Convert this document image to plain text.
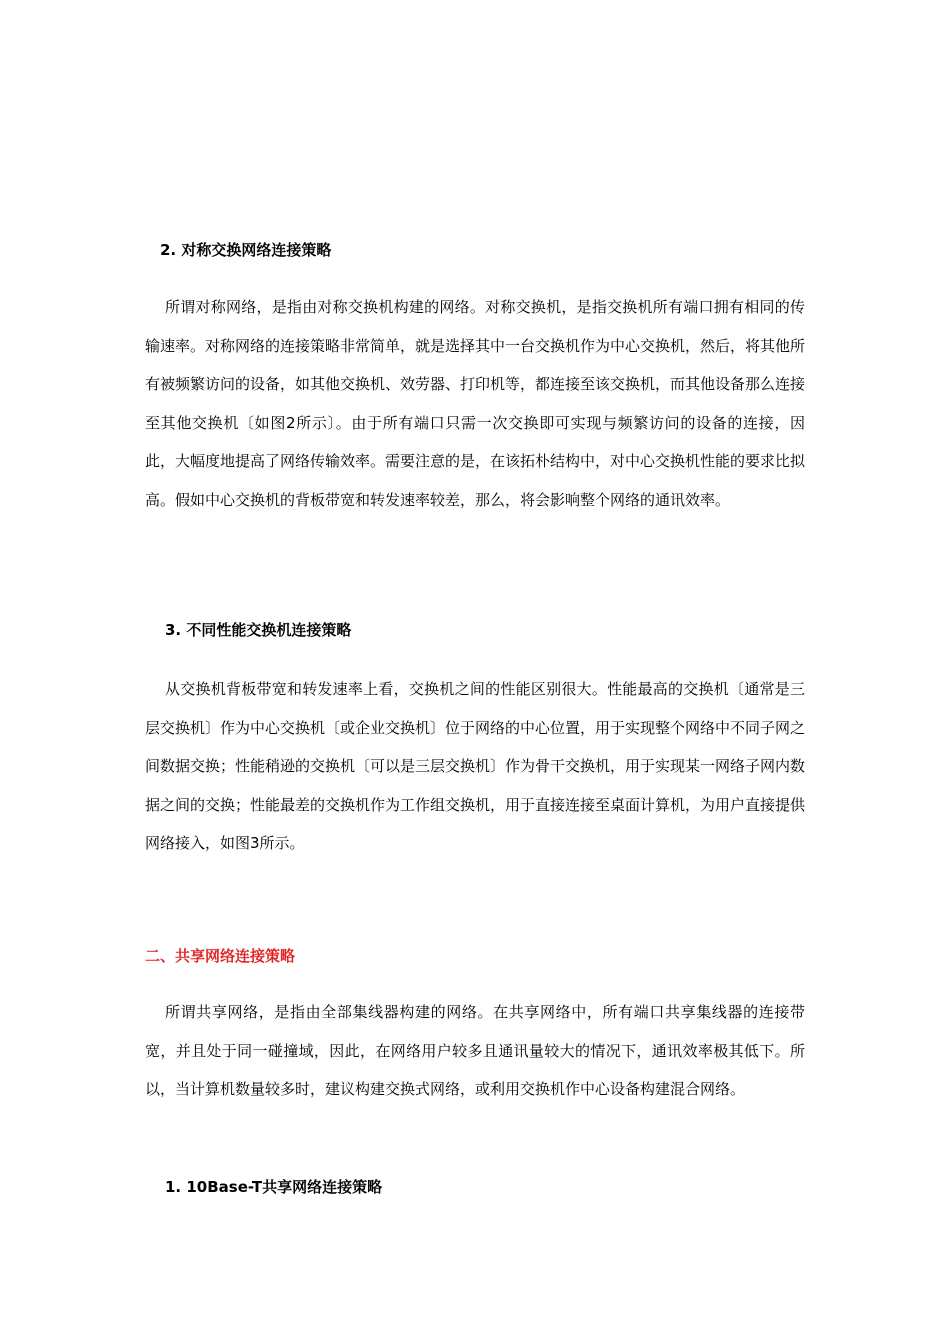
2. 对称交换网络连接策略

所谓对称网络，是指由对称交换机构建的网络。对称交换机，是指交换机所有端口拥有相同的传输速率。对称网络的连接策略非常简单，就是选择其中一台交换机作为中心交换机，然后，将其他所有被频繁访问的设备，如其他交换机、效劳器、打印机等，都连接至该交换机，而其他设备那么连接至其他交换机〔如图2所示〕。由于所有端口只需一次交换即可实现与频繁访问的设备的连接，因此，大幅度地提高了网络传输效率。需要注意的是，在该拓朴结构中，对中心交换机性能的要求比拟高。假如中心交换机的背板带宽和转发速率较差，那么，将会影响整个网络的通讯效率。

3. 不同性能交换机连接策略

从交换机背板带宽和转发速率上看，交换机之间的性能区别很大。性能最高的交换机〔通常是三层交换机〕作为中心交换机〔或企业交换机〕位于网络的中心位置，用于实现整个网络中不同子网之间数据交换；性能稍逊的交换机〔可以是三层交换机〕作为骨干交换机，用于实现某一网络子网内数据之间的交换；性能最差的交换机作为工作组交换机，用于直接连接至桌面计算机，为用户直接提供网络接入，如图3所示。

二、共享网络连接策略

所谓共享网络，是指由全部集线器构建的网络。在共享网络中，所有端口共享集线器的连接带宽，并且处于同一碰撞域，因此，在网络用户较多且通讯量较大的情况下，通讯效率极其低下。所以，当计算机数量较多时，建议构建交换式网络，或利用交换机作中心设备构建混合网络。

1. 10Base-T共享网络连接策略
